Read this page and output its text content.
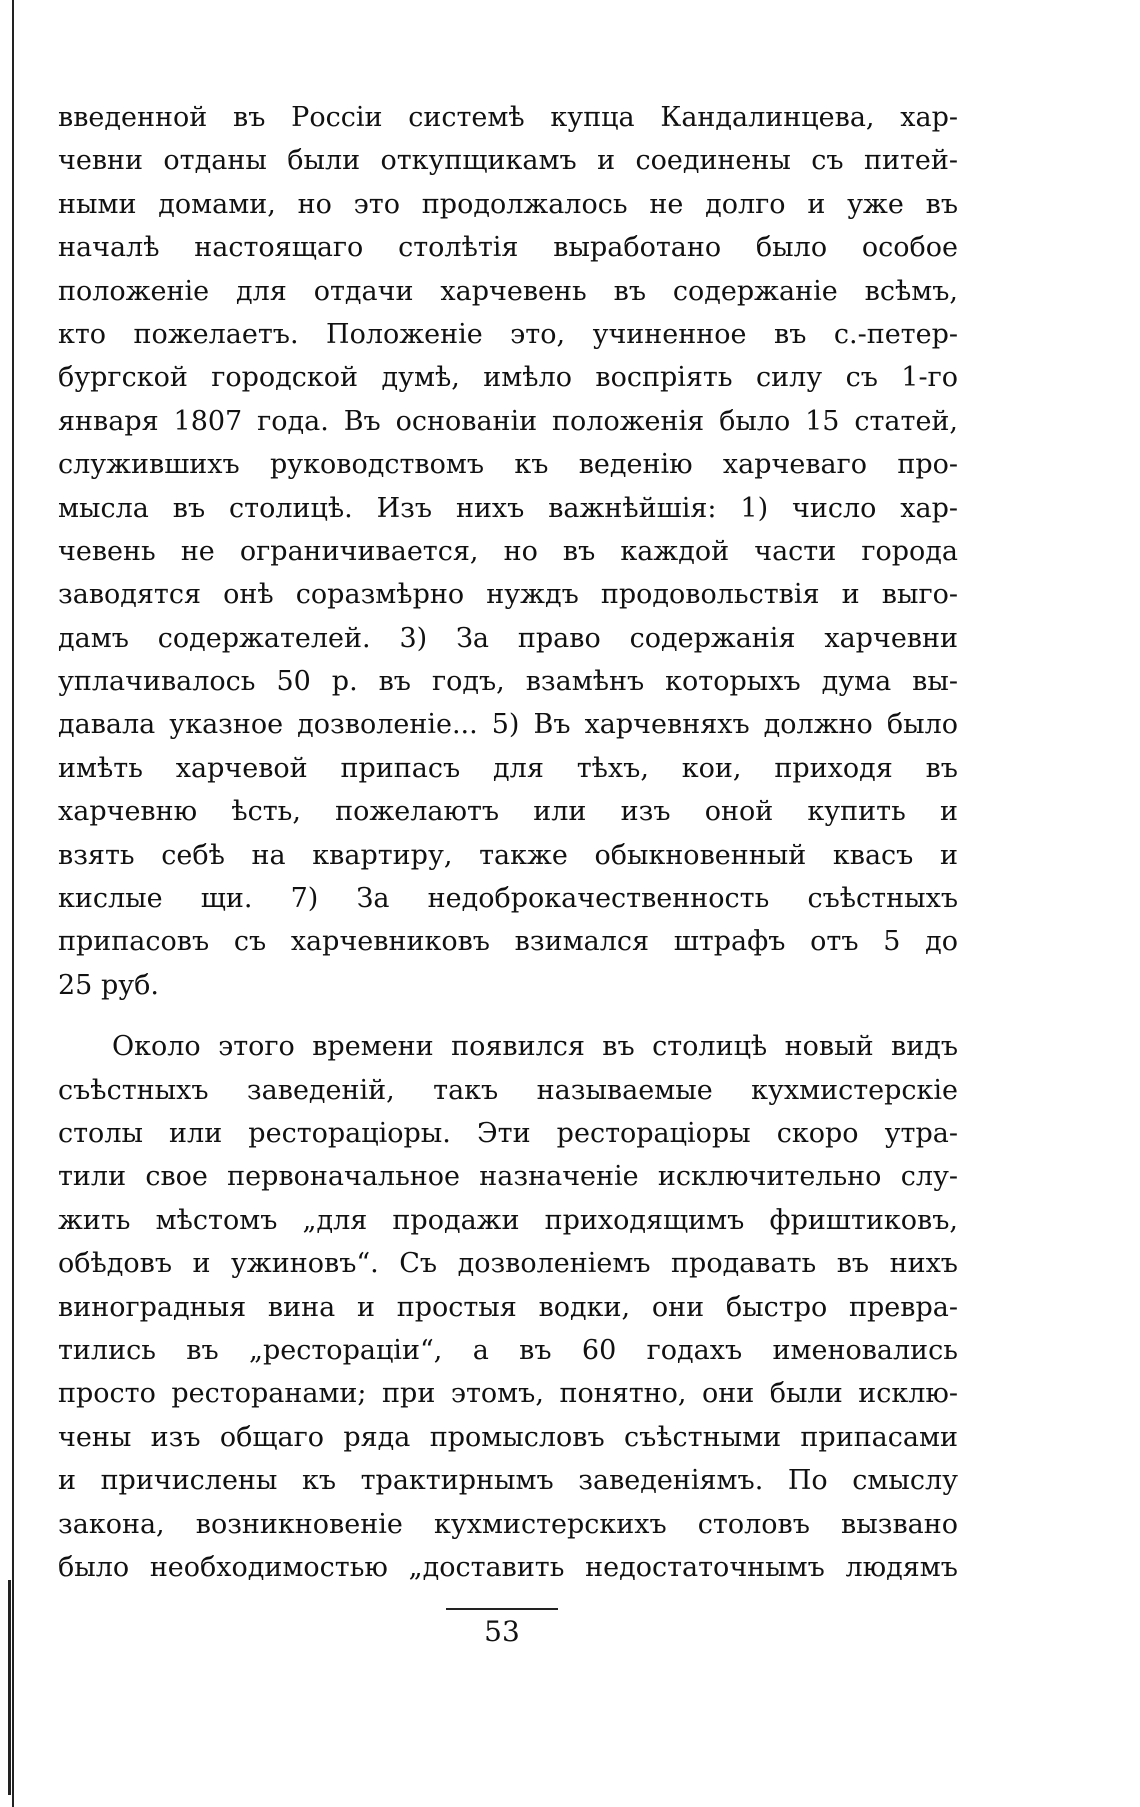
введенной въ Россіи системѣ купца Кандалинцева, хар-
чевни отданы были откупщикамъ и соединены съ питей-
ными домами, но это продолжалось не долго и уже въ
началѣ настоящаго столѣтія выработано было особое
положеніе для отдачи харчевень въ содержаніе всѣмъ,
кто пожелаетъ. Положеніе это, учиненное въ с.-петер-
бургской городской думѣ, имѣло воспріять силу съ 1-го
января 1807 года. Въ основаніи положенія было 15 статей,
служившихъ руководствомъ къ веденію харчеваго про-
мысла въ столицѣ. Изъ нихъ важнѣйшія: 1) число хар-
чевень не ограничивается, но въ каждой части города
заводятся онѣ соразмѣрно нуждъ продовольствія и выго-
дамъ содержателей. 3) За право содержанія харчевни
уплачивалось 50 р. въ годъ, взамѣнъ которыхъ дума вы-
давала указное дозволеніе... 5) Въ харчевняхъ должно было
имѣть харчевой припасъ для тѣхъ, кои, приходя въ
харчевню ѣсть, пожелаютъ или изъ оной купить и
взять себѣ на квартиру, также обыкновенный квасъ и
кислые щи. 7) За недоброкачественность съѣстныхъ
припасовъ съ харчевниковъ взимался штрафъ отъ 5 до
25 руб.
Около этого времени появился въ столицѣ новый видъ
съѣстныхъ заведеній, такъ называемые кухмистерскіе
столы или рестораціоры. Эти рестораціоры скоро утра-
тили свое первоначальное назначеніе исключительно слу-
жить мѣстомъ „для продажи приходящимъ фриштиковъ,
обѣдовъ и ужиновъ“. Съ дозволеніемъ продавать въ нихъ
виноградныя вина и простыя водки, они быстро превра-
тились въ „ресторацiи“, а въ 60 годахъ именовались
просто ресторанами; при этомъ, понятно, они были исклю-
чены изъ общаго ряда промысловъ съѣстными припасами
и причислены къ трактирнымъ заведеніямъ. По смыслу
закона, возникновеніе кухмистерскихъ столовъ вызвано
было необходимостью „доставить недостаточнымъ людямъ
53
